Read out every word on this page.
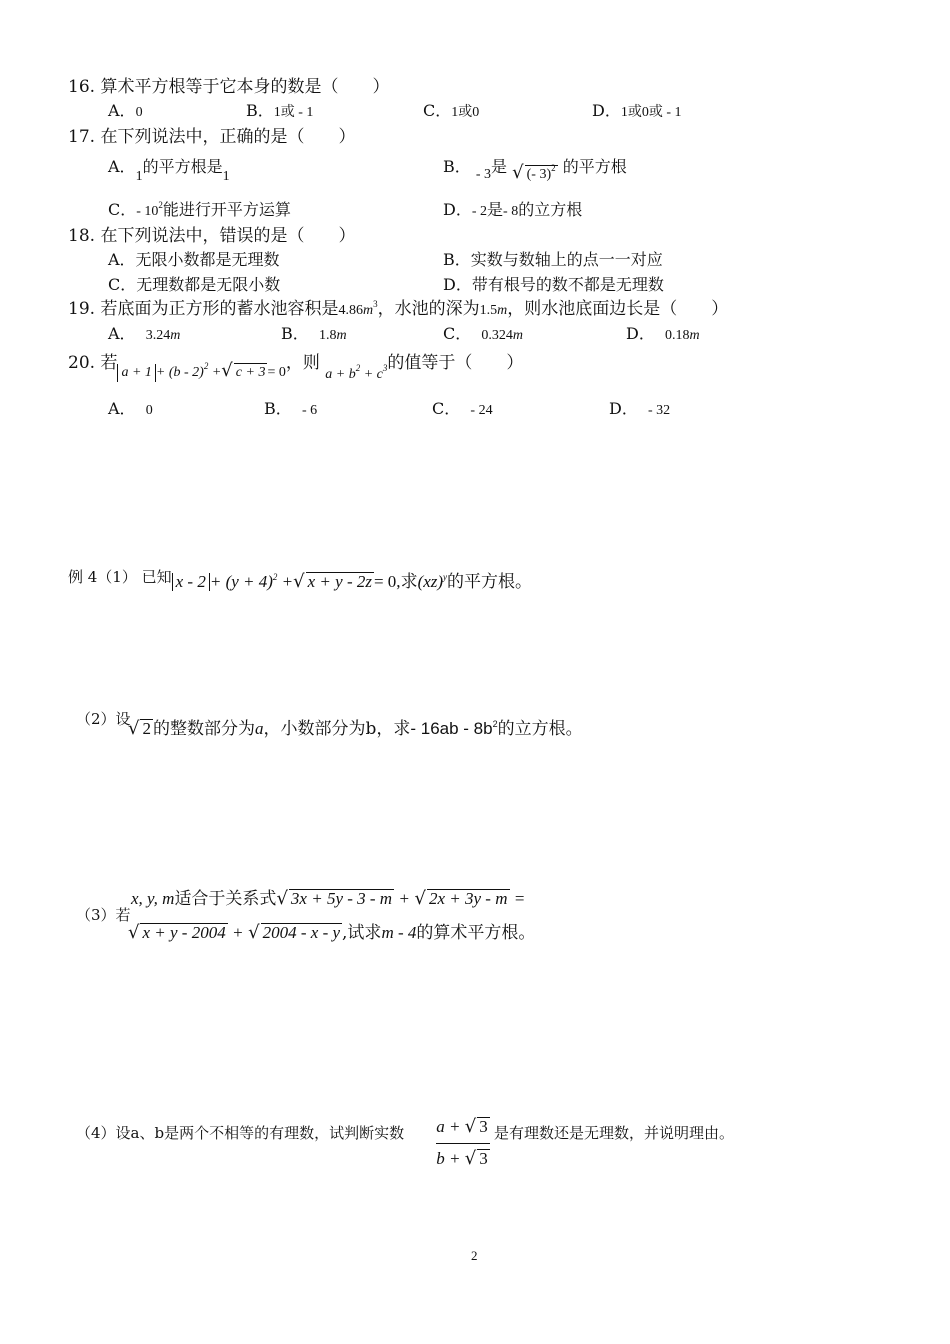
16. 算术平方根等于它本身的数是（　　）
A．0	B．1或 - 1	C．1或0	D．1或0或 - 1
17. 在下列说法中，正确的是（　　）
A．1的平方根是1
B． - 3是 √ (- 3)$^2$ 的平方根
C．- $10^2$能进行开平方运算	D．- 2是- 8的立方根
18. 在下列说法中，错误的是（　　）
A．无限小数都是无理数	B．实数与数轴上的点一一对应
C．无理数都是无限小数	D．带有根号的数不都是无理数
19. 若底面为正方形的蓄水池容积是$4.86m^3$，水池的深为1.5m，则水池底面边长是（　　）
A． 3.24m	B． 1.8m	C． 0.324m	D． 0.18m
20. 若 a + 1 $_{+ (b - 2)^2 +}$√ c + 3 $_{= 0}$，则 $_{a + b^2 + c^3}$的值等于（　　）
A． 0	B． - 6	C． - 24	D． - 32
例 4（1） 已知 $x - 2 + (y + 4)^2$ +√ x + y - 2z = 0,求(xz)$^y$的平方根。
（2）设
√ 2 的整数部分为a，小数部分为b，求- $16ab - 8b^2$的立方根。
（3）若
x, y, m适合于关系式√ 3x + 5y - 3 - m + √ 2x + 3y - m =
√ x + y - 2004 + √ 2004 - x - y ,试求m - 4的算术平方根。
（4）设a、b是两个不相等的有理数，试判断实数 a + √ 3
b + √ 3
是有理数还是无理数，并说明理由。
2
